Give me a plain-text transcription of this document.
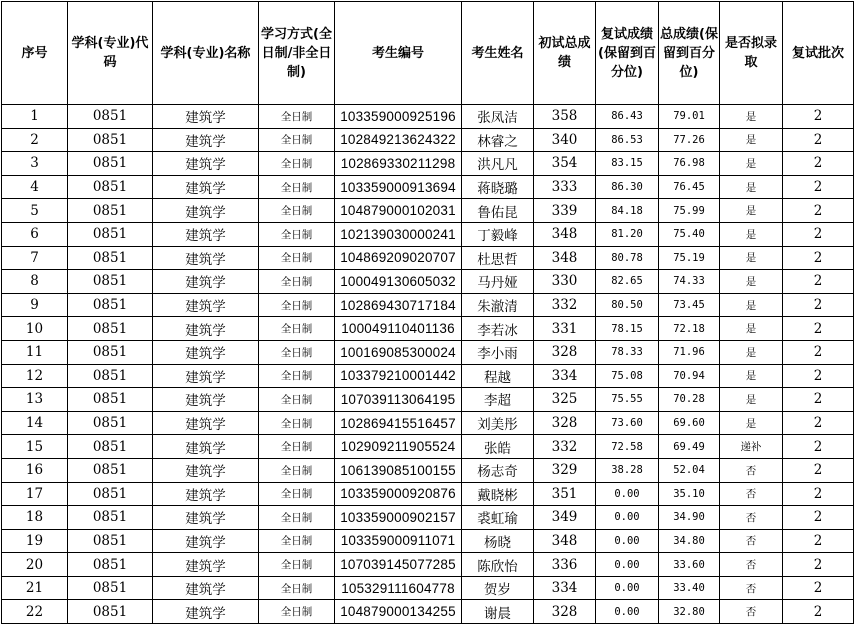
序号	学科(专业)代码	学科(专业)名称	学习方式(全日制/非全日制)	考生编号	考生姓名	初试总成绩	复试成绩(保留到百分位)	总成绩(保留到百分位)	是否拟录取	复试批次
1	0851	建筑学	全日制	103359000925196	张凤洁	358	86.43	79.01	是	2
2	0851	建筑学	全日制	102849213624322	林睿之	340	86.53	77.26	是	2
3	0851	建筑学	全日制	102869330211298	洪凡凡	354	83.15	76.98	是	2
4	0851	建筑学	全日制	103359000913694	蒋晓璐	333	86.30	76.45	是	2
5	0851	建筑学	全日制	104879000102031	鲁佑昆	339	84.18	75.99	是	2
6	0851	建筑学	全日制	102139030000241	丁毅峰	348	81.20	75.40	是	2
7	0851	建筑学	全日制	104869209020707	杜思哲	348	80.78	75.19	是	2
8	0851	建筑学	全日制	100049130605032	马丹娅	330	82.65	74.33	是	2
9	0851	建筑学	全日制	102869430717184	朱澈清	332	80.50	73.45	是	2
10	0851	建筑学	全日制	100049110401136	李若冰	331	78.15	72.18	是	2
11	0851	建筑学	全日制	100169085300024	李小雨	328	78.33	71.96	是	2
12	0851	建筑学	全日制	103379210001442	程越	334	75.08	70.94	是	2
13	0851	建筑学	全日制	107039113064195	李超	325	75.55	70.28	是	2
14	0851	建筑学	全日制	102869415516457	刘美彤	328	73.60	69.60	是	2
15	0851	建筑学	全日制	102909211905524	张皓	332	72.58	69.49	递补	2
16	0851	建筑学	全日制	106139085100155	杨志奇	329	38.28	52.04	否	2
17	0851	建筑学	全日制	103359000920876	戴晓彬	351	0.00	35.10	否	2
18	0851	建筑学	全日制	103359000902157	裘虹瑜	349	0.00	34.90	否	2
19	0851	建筑学	全日制	103359000911071	杨晓	348	0.00	34.80	否	2
20	0851	建筑学	全日制	107039145077285	陈欣怡	336	0.00	33.60	否	2
21	0851	建筑学	全日制	105329111604778	贺岁	334	0.00	33.40	否	2
22	0851	建筑学	全日制	104879000134255	谢晨	328	0.00	32.80	否	2
